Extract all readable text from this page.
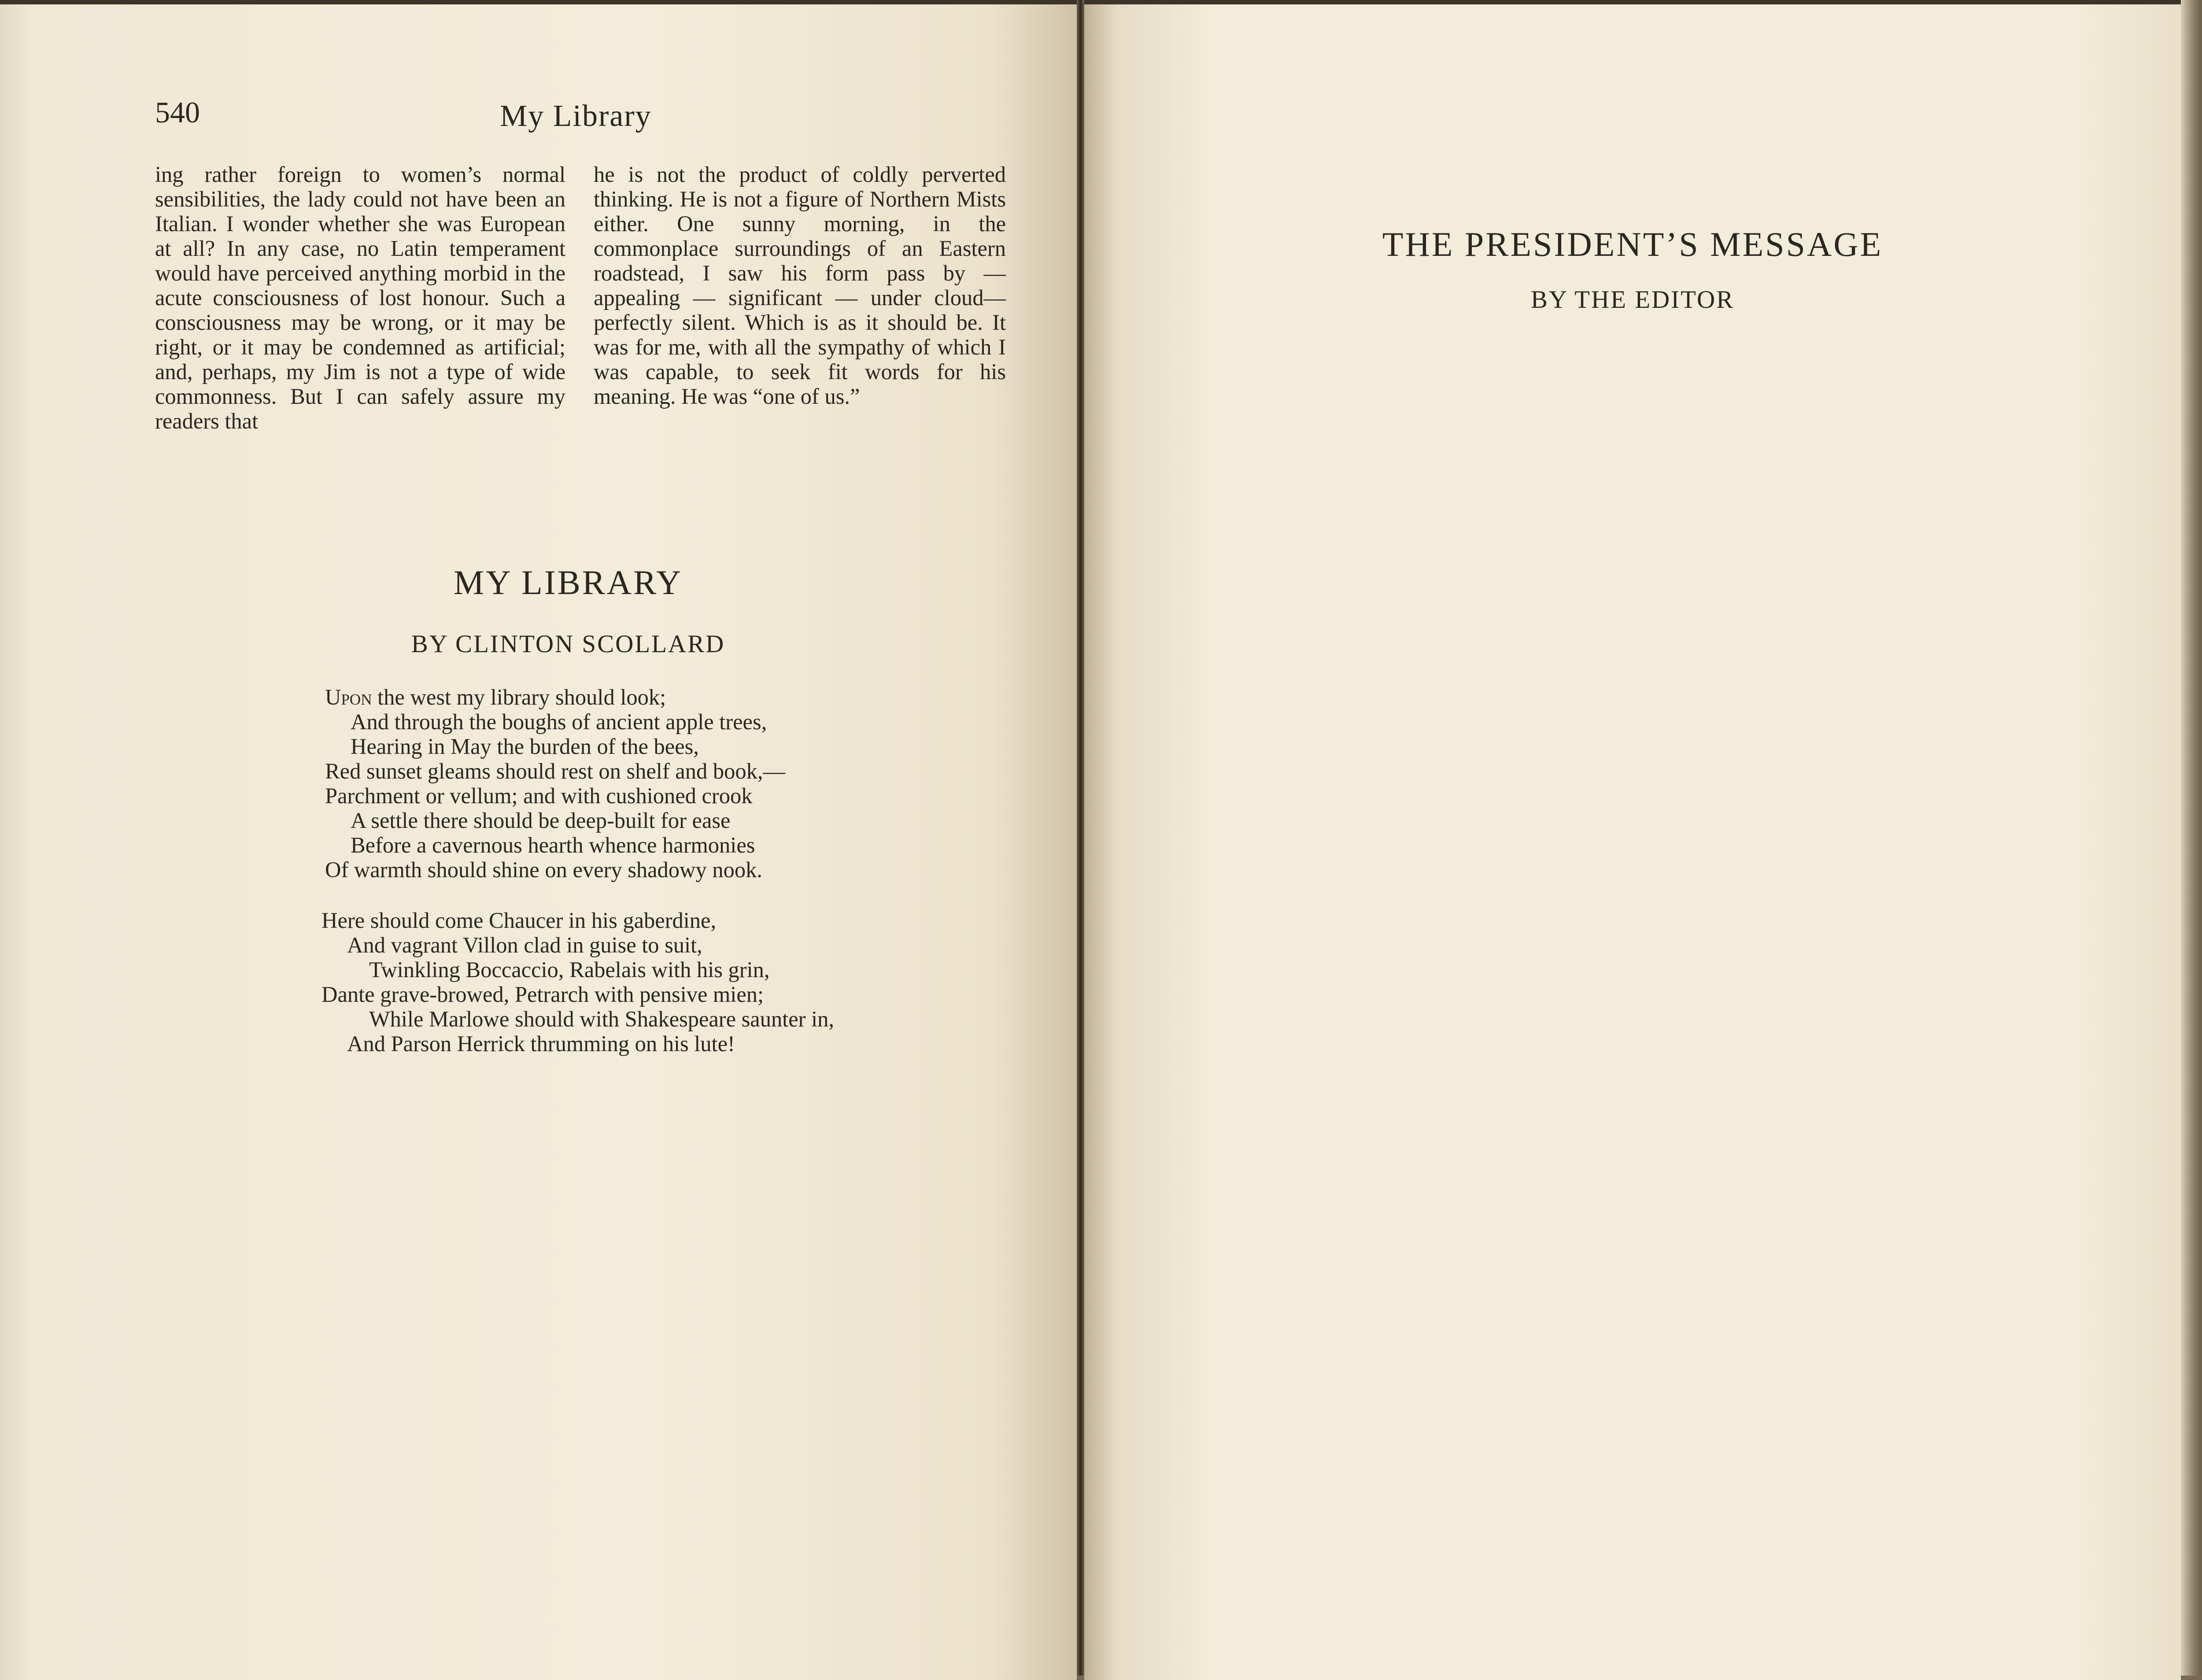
540	My Library

ing rather foreign to women’s normal sensibilities, the lady could not have been an Italian. I wonder whether she was European at all? In any case, no Latin temperament would have perceived anything morbid in the acute consciousness of lost honour. Such a consciousness may be wrong, or it may be right, or it may be condemned as artificial; and, perhaps, my Jim is not a type of wide commonness. But I can safely assure my readers that

he is not the product of coldly perverted thinking. He is not a figure of Northern Mists either. One sunny morning, in the commonplace surroundings of an Eastern roadstead, I saw his form pass by — appealing — significant — under cloud—perfectly silent. Which is as it should be. It was for me, with all the sympathy of which I was capable, to seek fit words for his meaning. He was “one of us.”

MY LIBRARY
BY CLINTON SCOLLARD
Upon the west my library should look;
And through the boughs of ancient apple trees,
Hearing in May the burden of the bees,
Red sunset gleams should rest on shelf and book,—
Parchment or vellum; and with cushioned crook
A settle there should be deep-built for ease
Before a cavernous hearth whence harmonies
Of warmth should shine on every shadowy nook.
Here should come Chaucer in his gaberdine,
And vagrant Villon clad in guise to suit,
Twinkling Boccaccio, Rabelais with his grin,
Dante grave-browed, Petrarch with pensive mien;
While Marlowe should with Shakespeare saunter in,
And Parson Herrick thrumming on his lute!
THE PRESIDENT’S MESSAGE
BY THE EDITOR
